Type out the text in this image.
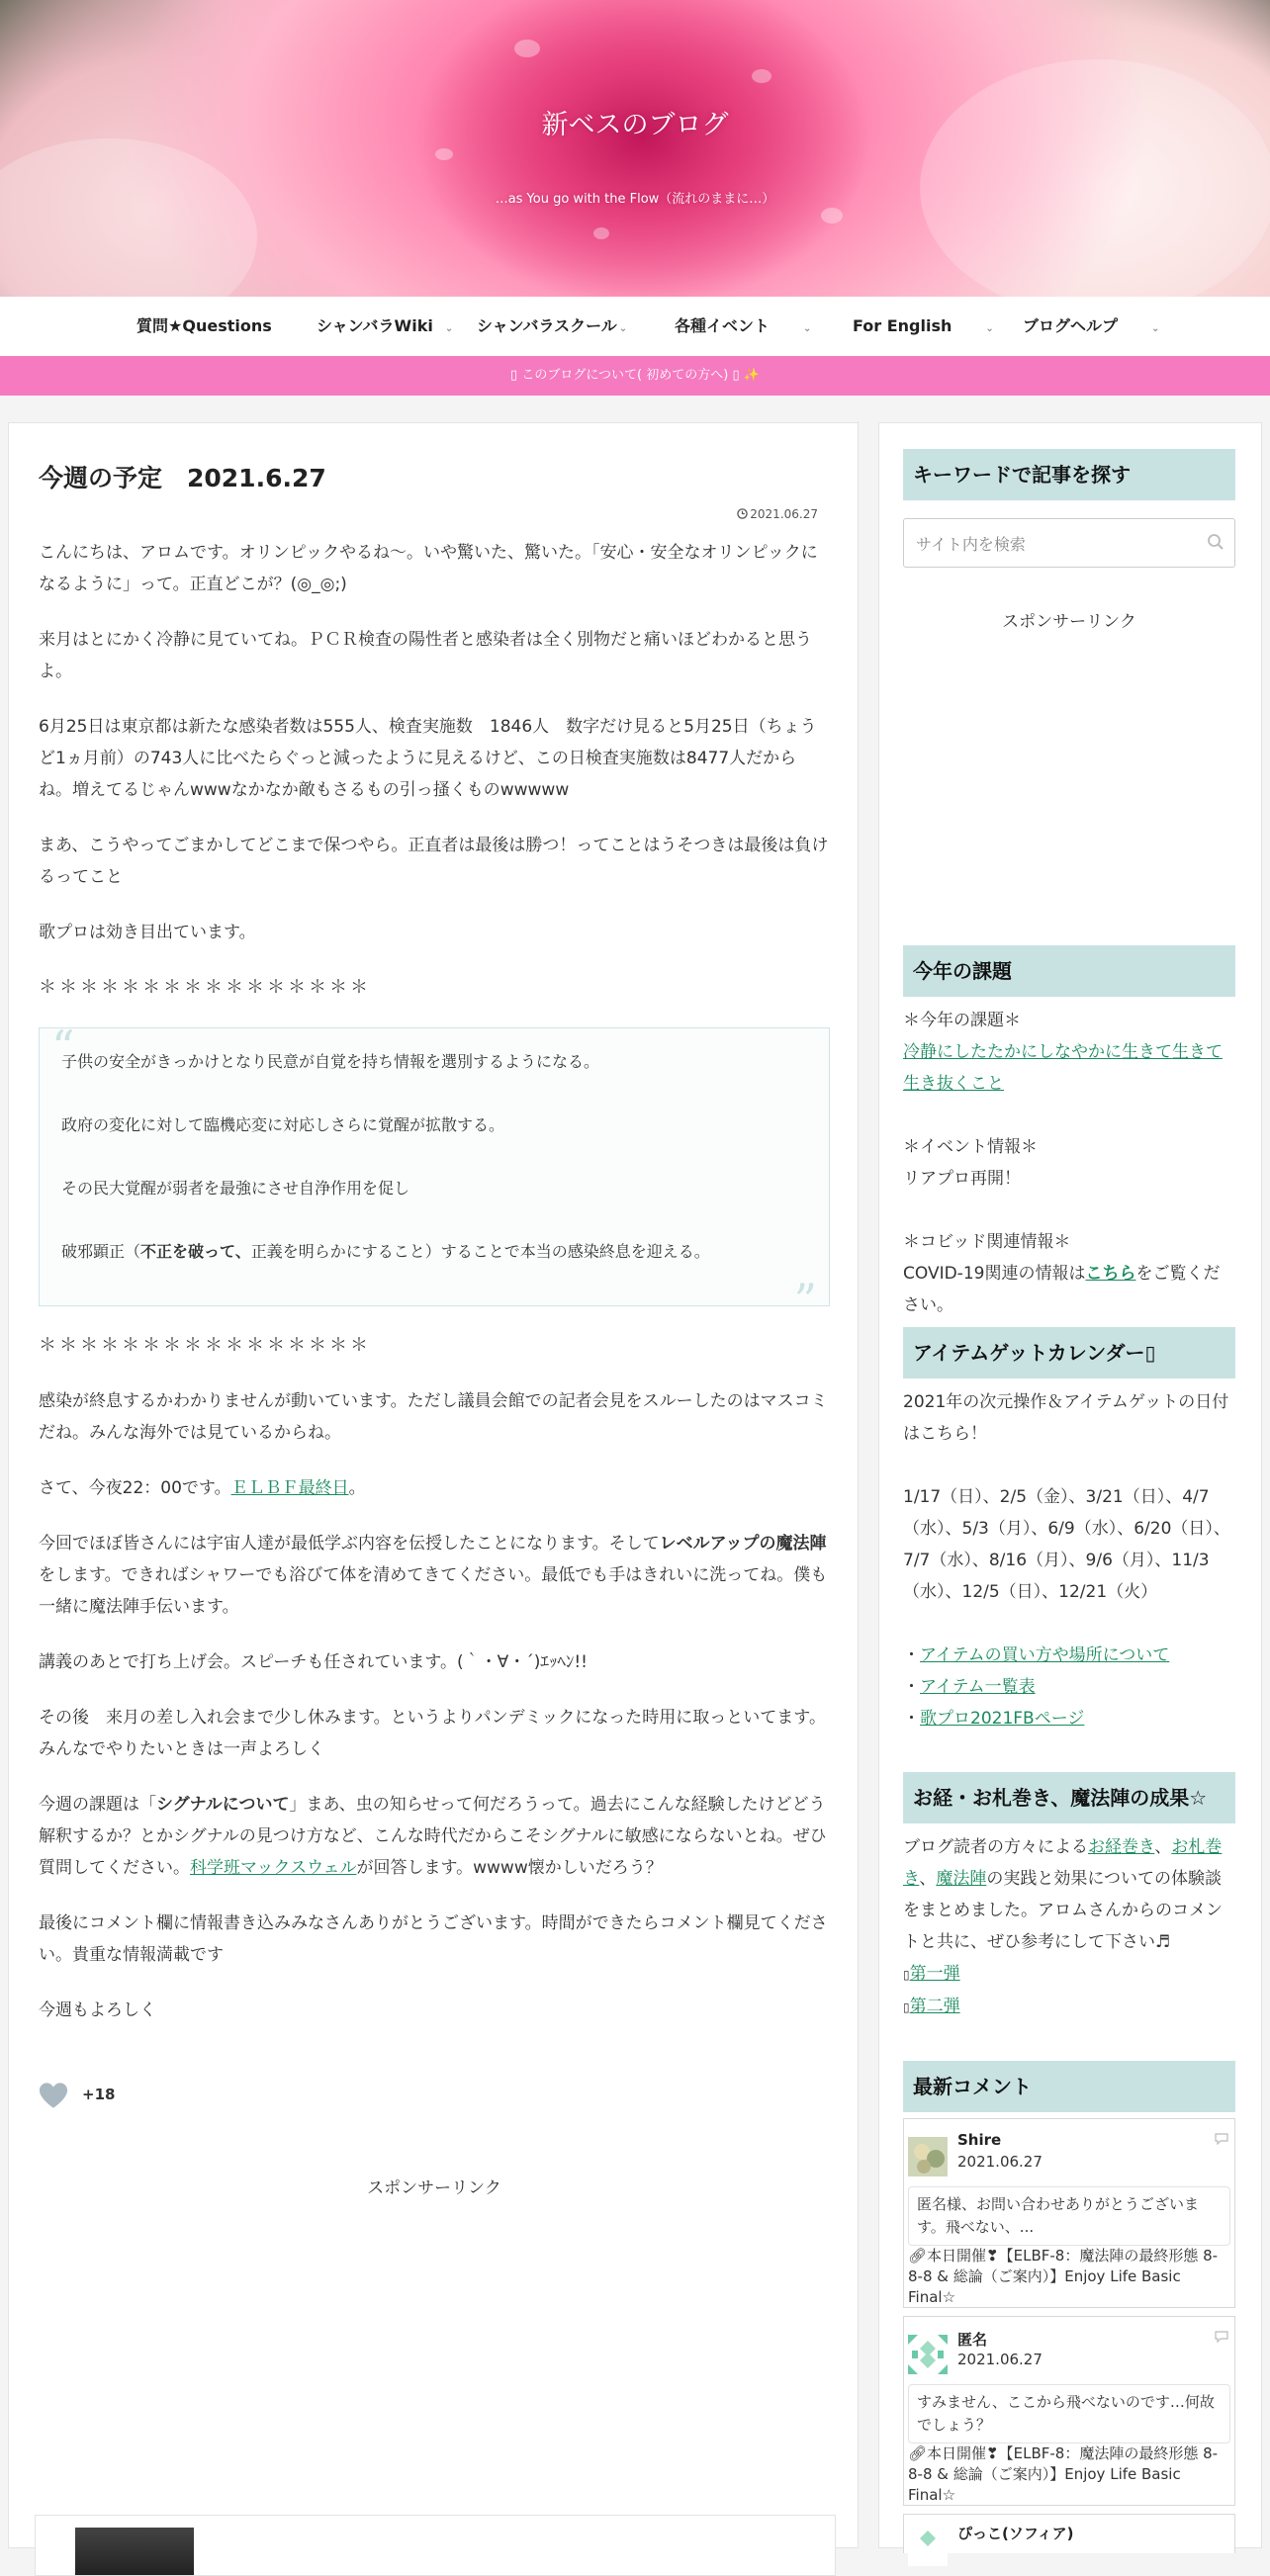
新ベスのブログ
…as You go with the Flow（流れのままに…）
質問★Questions	シャンバラWiki ⌄ シャンバラスクール ⌄	各種イベント	⌄	For English	⌄ ブログヘルプ	⌄
▯ このブログについて( 初めての方へ) ▯ ✨
今週の予定　2021.6.27
2021.06.27

こんにちは、アロムです。オリンピックやるね〜。いや驚いた、驚いた。「安心・安全なオリンピックになるように」って。正直どこが？(◎_◎;)

来月はとにかく冷静に見ていてね。ＰＣＲ検査の陽性者と感染者は全く別物だと痛いほどわかると思うよ。

6月25日は東京都は新たな感染者数は555人、検査実施数　1846人　数字だけ見ると5月25日（ちょうど1ヵ月前）の743人に比べたらぐっと減ったように見えるけど、この日検査実施数は8477人だからね。増えてるじゃんwwwなかなか敵もさるもの引っ搔くものwwwww

まあ、こうやってごまかしてどこまで保つやら。正直者は最後は勝つ！ってことはうそつきは最後は負けるってこと

歌プロは効き目出ています。

＊＊＊＊＊＊＊＊＊＊＊＊＊＊＊＊

“

子供の安全がきっかけとなり民意が自覚を持ち情報を選別するようになる。

政府の変化に対して臨機応変に対応しさらに覚醒が拡散する。

その民大覚醒が弱者を最強にさせ自浄作用を促し

破邪顕正（不正を破って、正義を明らかにすること）することで本当の感染終息を迎える。

”

＊＊＊＊＊＊＊＊＊＊＊＊＊＊＊＊

感染が終息するかわかりませんが動いています。ただし議員会館での記者会見をスルーしたのはマスコミだね。みんな海外では見ているからね。

さて、今夜22：00です。ＥＬＢＦ最終日。

今回でほぼ皆さんには宇宙人達が最低学ぶ内容を伝授したことになります。そしてレベルアップの魔法陣をします。できればシャワーでも浴びて体を清めてきてください。最低でも手はきれいに洗ってね。僕も一緒に魔法陣手伝います。

講義のあとで打ち上げ会。スピーチも任されています。(｀・∀・´)ｴｯﾍﾝ!!

その後　来月の差し入れ会まで少し休みます。というよりパンデミックになった時用に取っといてます。みんなでやりたいときは一声よろしく

今週の課題は「シグナルについて」まあ、虫の知らせって何だろうって。過去にこんな経験したけどどう解釈するか？とかシグナルの見つけ方など、こんな時代だからこそシグナルに敏感にならないとね。ぜひ質問してください。科学班マックスウェルが回答します。wwww懐かしいだろう？

最後にコメント欄に情報書き込みみなさんありがとうございます。時間ができたらコメント欄見てください。貴重な情報満載です

今週もよろしく

+18
スポンサーリンク
キーワードで記事を探す
サイト内を検索
スポンサーリンク
今年の課題
＊今年の課題＊
冷静にしたたかにしなやかに生きて生きて生き抜くこと
＊イベント情報＊
リアプロ再開！
＊コビッド関連情報＊
COVID-19関連の情報はこちらをご覧ください。
アイテムゲットカレンダー▯
2021年の次元操作＆アイテムゲットの日付はこちら！
1/17（日）、2/5（金）、3/21（日）、4/7（水）、5/3（月）、6/9（水）、6/20（日）、7/7（水）、8/16（月）、9/6（月）、11/3（水）、12/5（日）、12/21（火）
・アイテムの買い方や場所について
・アイテム一覧表
・歌プロ2021FBページ
お経・お札巻き、魔法陣の成果☆
ブログ読者の方々によるお経巻き、お札巻き、魔法陣の実践と効果についての体験談をまとめました。アロムさんからのコメントと共に、ぜひ参考にして下さい♬
▯第一弾
▯第二弾
最新コメント
Shire
2021.06.27
匿名様、お問い合わせありがとうございます。飛べない、...
🔗︎本日開催❣【ELBF-8：魔法陣の最終形態 8-8-8 & 総論（ご案内）】Enjoy Life Basic Final☆
匿名
2021.06.27
すみません、ここから飛べないのです…何故でしょう？
🔗︎本日開催❣【ELBF-8：魔法陣の最終形態 8-8-8 & 総論（ご案内）】Enjoy Life Basic Final☆
ぴっこ(ソフィア)
